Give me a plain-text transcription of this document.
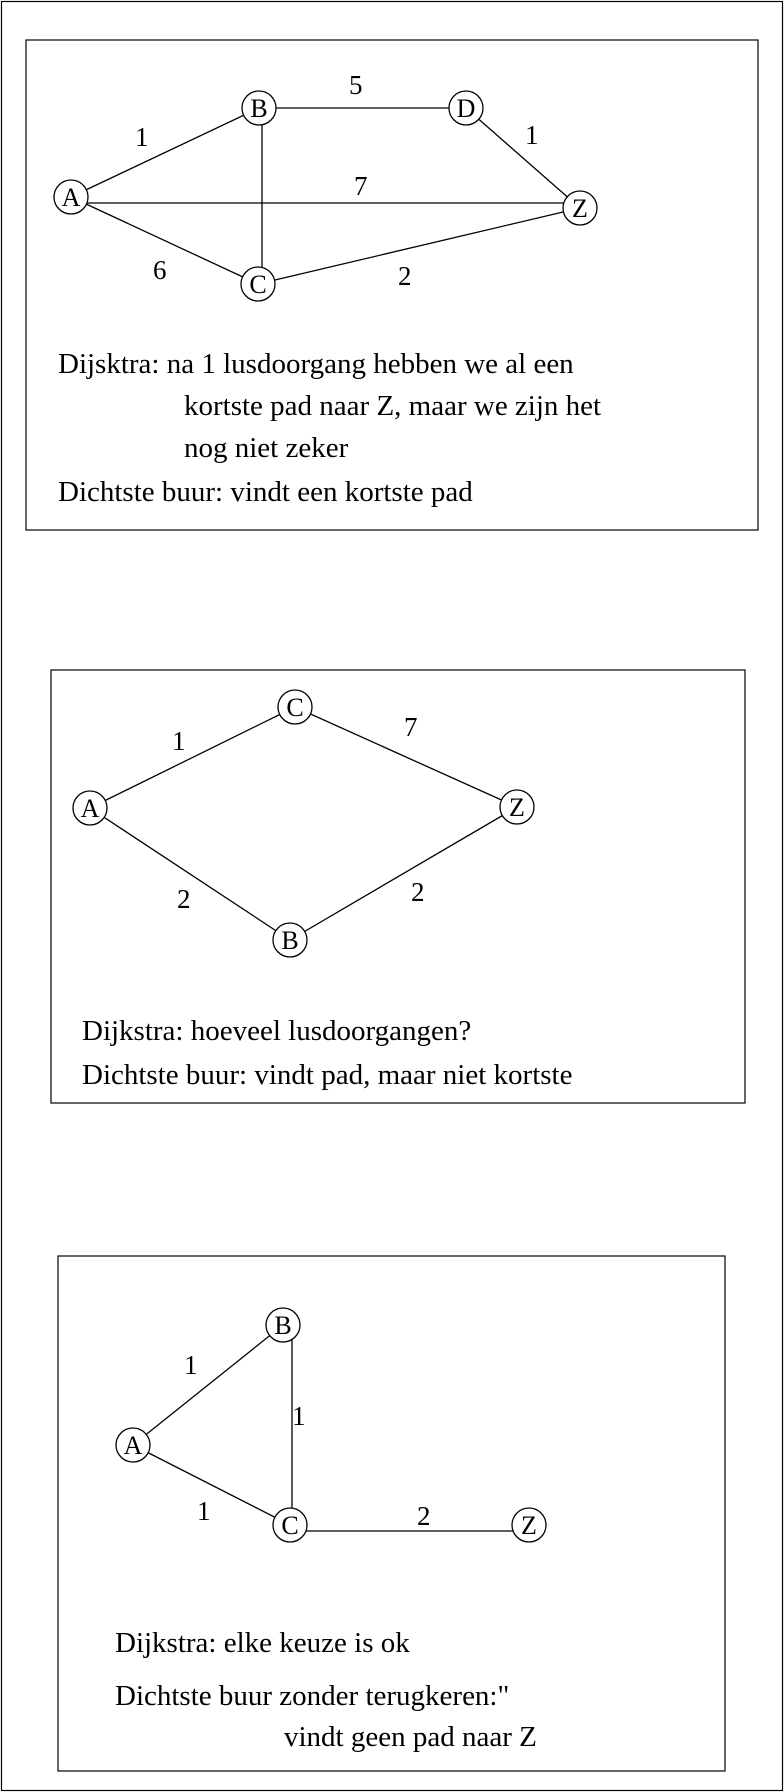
1
5
1
7
6	2
A
B	D
Z
C
Dijsktra: na 1 lusdoorgang hebben we al een
kortste pad naar Z, maar we zijn het
nog niet zeker
Dichtste buur: vindt een kortste pad
1	7
2	2
C
A	Z
B
Dijkstra: hoeveel lusdoorgangen?
Dichtste buur: vindt pad, maar niet kortste
1
1
1	2
B
A
C	Z
Dijkstra: elke keuze is ok
Dichtste buur zonder terugkeren:"
vindt geen pad naar Z
